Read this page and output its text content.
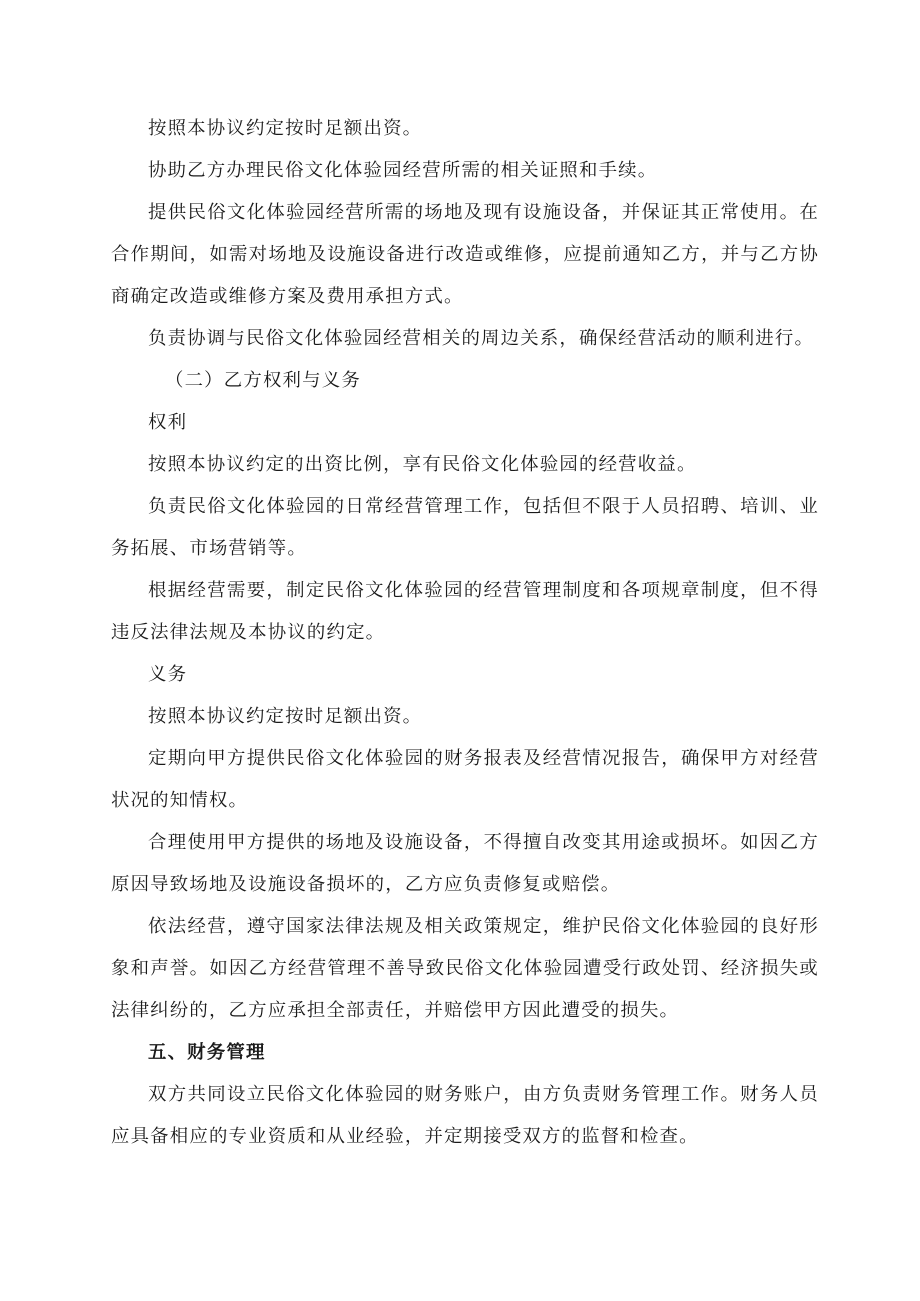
按照本协议约定按时足额出资。

协助乙方办理民俗文化体验园经营所需的相关证照和手续。

提供民俗文化体验园经营所需的场地及现有设施设备，并保证其正常使用。在合作期间，如需对场地及设施设备进行改造或维修，应提前通知乙方，并与乙方协商确定改造或维修方案及费用承担方式。

负责协调与民俗文化体验园经营相关的周边关系，确保经营活动的顺利进行。

（二）乙方权利与义务

权利

按照本协议约定的出资比例，享有民俗文化体验园的经营收益。

负责民俗文化体验园的日常经营管理工作，包括但不限于人员招聘、培训、业务拓展、市场营销等。

根据经营需要，制定民俗文化体验园的经营管理制度和各项规章制度，但不得违反法律法规及本协议的约定。

义务

按照本协议约定按时足额出资。

定期向甲方提供民俗文化体验园的财务报表及经营情况报告，确保甲方对经营状况的知情权。

合理使用甲方提供的场地及设施设备，不得擅自改变其用途或损坏。如因乙方原因导致场地及设施设备损坏的，乙方应负责修复或赔偿。

依法经营，遵守国家法律法规及相关政策规定，维护民俗文化体验园的良好形象和声誉。如因乙方经营管理不善导致民俗文化体验园遭受行政处罚、经济损失或法律纠纷的，乙方应承担全部责任，并赔偿甲方因此遭受的损失。

五、财务管理

双方共同设立民俗文化体验园的财务账户，由方负责财务管理工作。财务人员应具备相应的专业资质和从业经验，并定期接受双方的监督和检查。
